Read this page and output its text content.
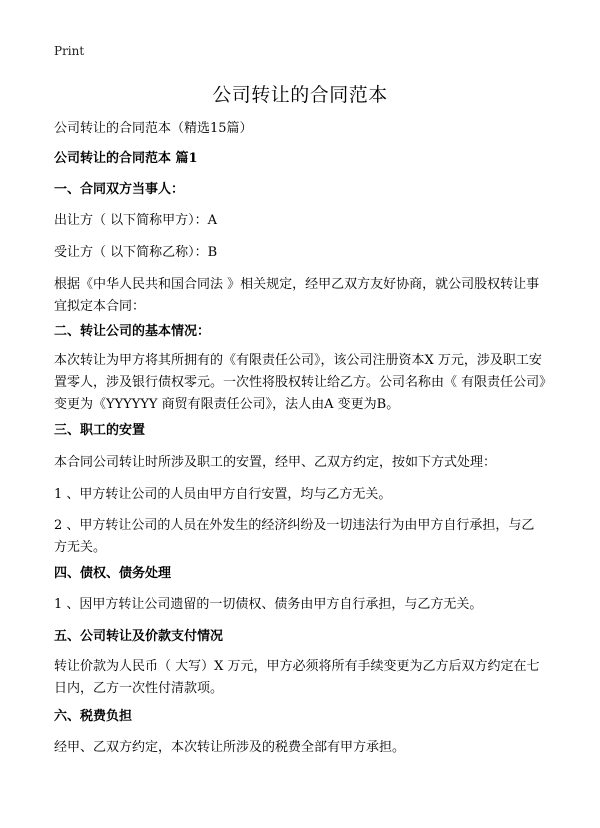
Print
公司转让的合同范本

公司转让的合同范本（精选15篇）

公司转让的合同范本 篇1

一、合同双方当事人：

出让方（ 以下简称甲方）：A

受让方（ 以下简称乙称）：B

根据《中华人民共和国合同法 》相关规定，经甲乙双方友好协商，就公司股权转让事宜拟定本合同：

二、转让公司的基本情况：

本次转让为甲方将其所拥有的《有限责任公司》，该公司注册资本X 万元，涉及职工安置零人，涉及银行债权零元。一次性将股权转让给乙方。公司名称由《 有限责任公司》变更为《YYYYYY 商贸有限责任公司》，法人由A 变更为B。

三、职工的安置

本合同公司转让时所涉及职工的安置，经甲、乙双方约定，按如下方式处理：

1 、甲方转让公司的人员由甲方自行安置，均与乙方无关。

2 、甲方转让公司的人员在外发生的经济纠纷及一切违法行为由甲方自行承担，与乙方无关。

四、债权、债务处理

1 、因甲方转让公司遗留的一切债权、债务由甲方自行承担，与乙方无关。

五、公司转让及价款支付情况

转让价款为人民币（ 大写）X 万元，甲方必须将所有手续变更为乙方后双方约定在七日内，乙方一次性付清款项。

六、税费负担

经甲、乙双方约定，本次转让所涉及的税费全部有甲方承担。
